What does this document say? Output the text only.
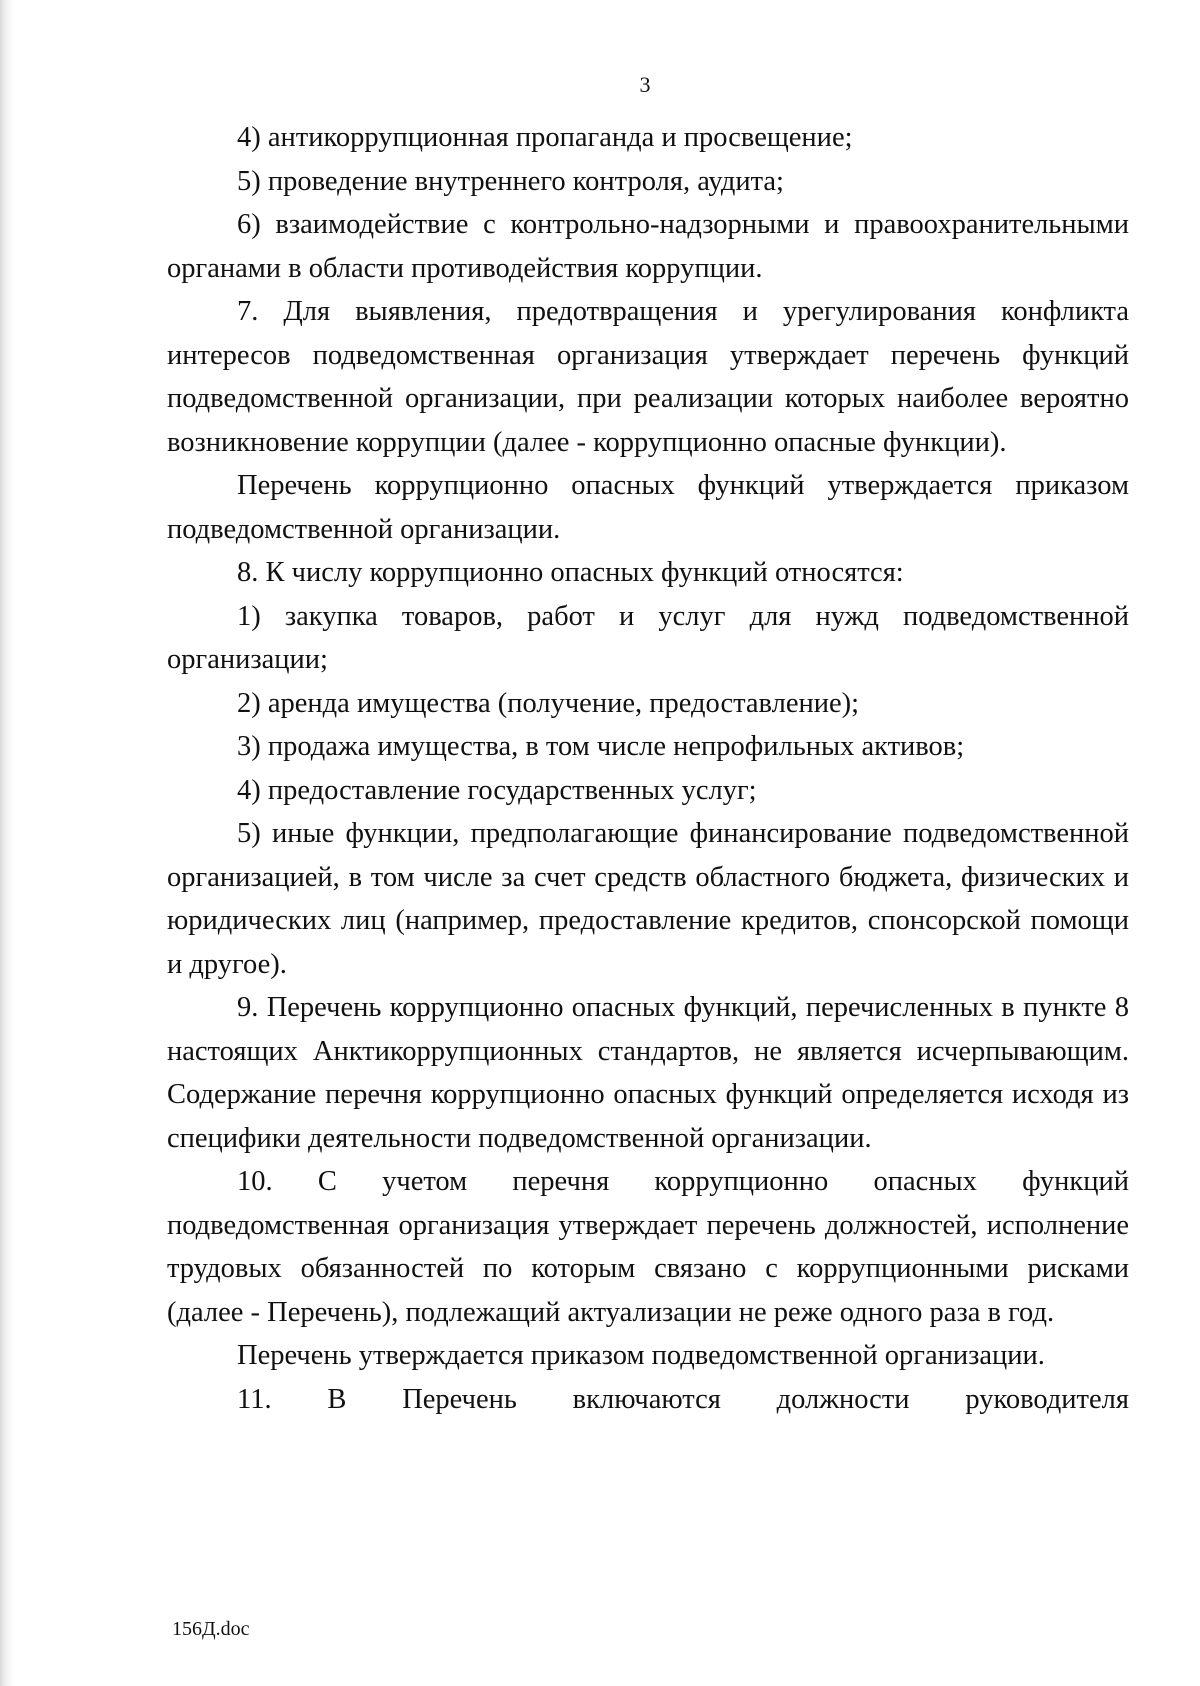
3

4) антикоррупционная пропаганда и просвещение;

5) проведение внутреннего контроля, аудита;

6) взаимодействие с контрольно-надзорными и правоохранительными органами в области противодействия коррупции.

7. Для выявления, предотвращения и урегулирования конфликта интересов подведомственная организация утверждает перечень функций подведомственной организации, при реализации которых наиболее вероятно возникновение коррупции (далее - коррупционно опасные функции).

Перечень коррупционно опасных функций утверждается приказом подведомственной организации.

8. К числу коррупционно опасных функций относятся:

1) закупка товаров, работ и услуг для нужд подведомственной организации;

2) аренда имущества (получение, предоставление);

3) продажа имущества, в том числе непрофильных активов;

4) предоставление государственных услуг;

5) иные функции, предполагающие финансирование подведомственной организацией, в том числе за счет средств областного бюджета, физических и юридических лиц (например, предоставление кредитов, спонсорской помощи и другое).

9. Перечень коррупционно опасных функций, перечисленных в пункте 8 настоящих Анктикоррупционных стандартов, не является исчерпывающим. Содержание перечня коррупционно опасных функций определяется исходя из специфики деятельности подведомственной организации.

10. С учетом перечня коррупционно опасных функций подведомственная организация утверждает перечень должностей, исполнение трудовых обязанностей по которым связано с коррупционными рисками (далее - Перечень), подлежащий актуализации не реже одного раза в год.

Перечень утверждается приказом подведомственной организации.

11. В Перечень включаются должности руководителя

156Д.doc
